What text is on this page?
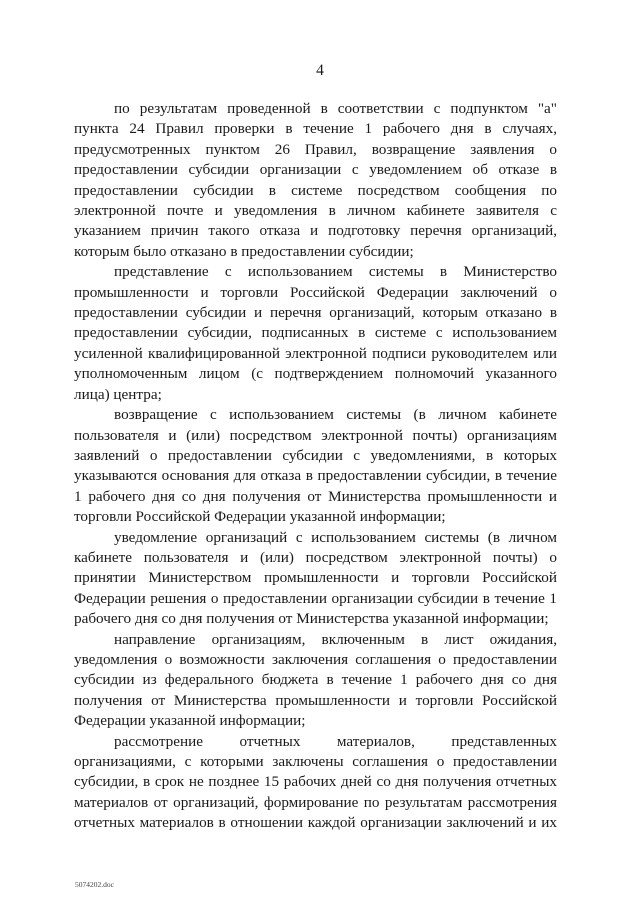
4

по результатам проведенной в соответствии с подпунктом "а" пункта 24 Правил проверки в течение 1 рабочего дня в случаях, предусмотренных пунктом 26 Правил, возвращение заявления о предоставлении субсидии организации с уведомлением об отказе в предоставлении субсидии в системе посредством сообщения по электронной почте и уведомления в личном кабинете заявителя с указанием причин такого отказа и подготовку перечня организаций, которым было отказано в предоставлении субсидии;

представление с использованием системы в Министерство промышленности и торговли Российской Федерации заключений о предоставлении субсидии и перечня организаций, которым отказано в предоставлении субсидии, подписанных в системе с использованием усиленной квалифицированной электронной подписи руководителем или уполномоченным лицом (с подтверждением полномочий указанного лица) центра;

возвращение с использованием системы (в личном кабинете пользователя и (или) посредством электронной почты) организациям заявлений о предоставлении субсидии с уведомлениями, в которых указываются основания для отказа в предоставлении субсидии, в течение 1 рабочего дня со дня получения от Министерства промышленности и торговли Российской Федерации указанной информации;

уведомление организаций с использованием системы (в личном кабинете пользователя и (или) посредством электронной почты) о принятии Министерством промышленности и торговли Российской Федерации решения о предоставлении организации субсидии в течение 1 рабочего дня со дня получения от Министерства указанной информации;

направление организациям, включенным в лист ожидания, уведомления о возможности заключения соглашения о предоставлении субсидии из федерального бюджета в течение 1 рабочего дня со дня получения от Министерства промышленности и торговли Российской Федерации указанной информации;

рассмотрение отчетных материалов, представленных организациями, с которыми заключены соглашения о предоставлении субсидии, в срок не позднее 15 рабочих дней со дня получения отчетных материалов от организаций, формирование по результатам рассмотрения отчетных материалов в отношении каждой организации заключений и их

5074202.doc
